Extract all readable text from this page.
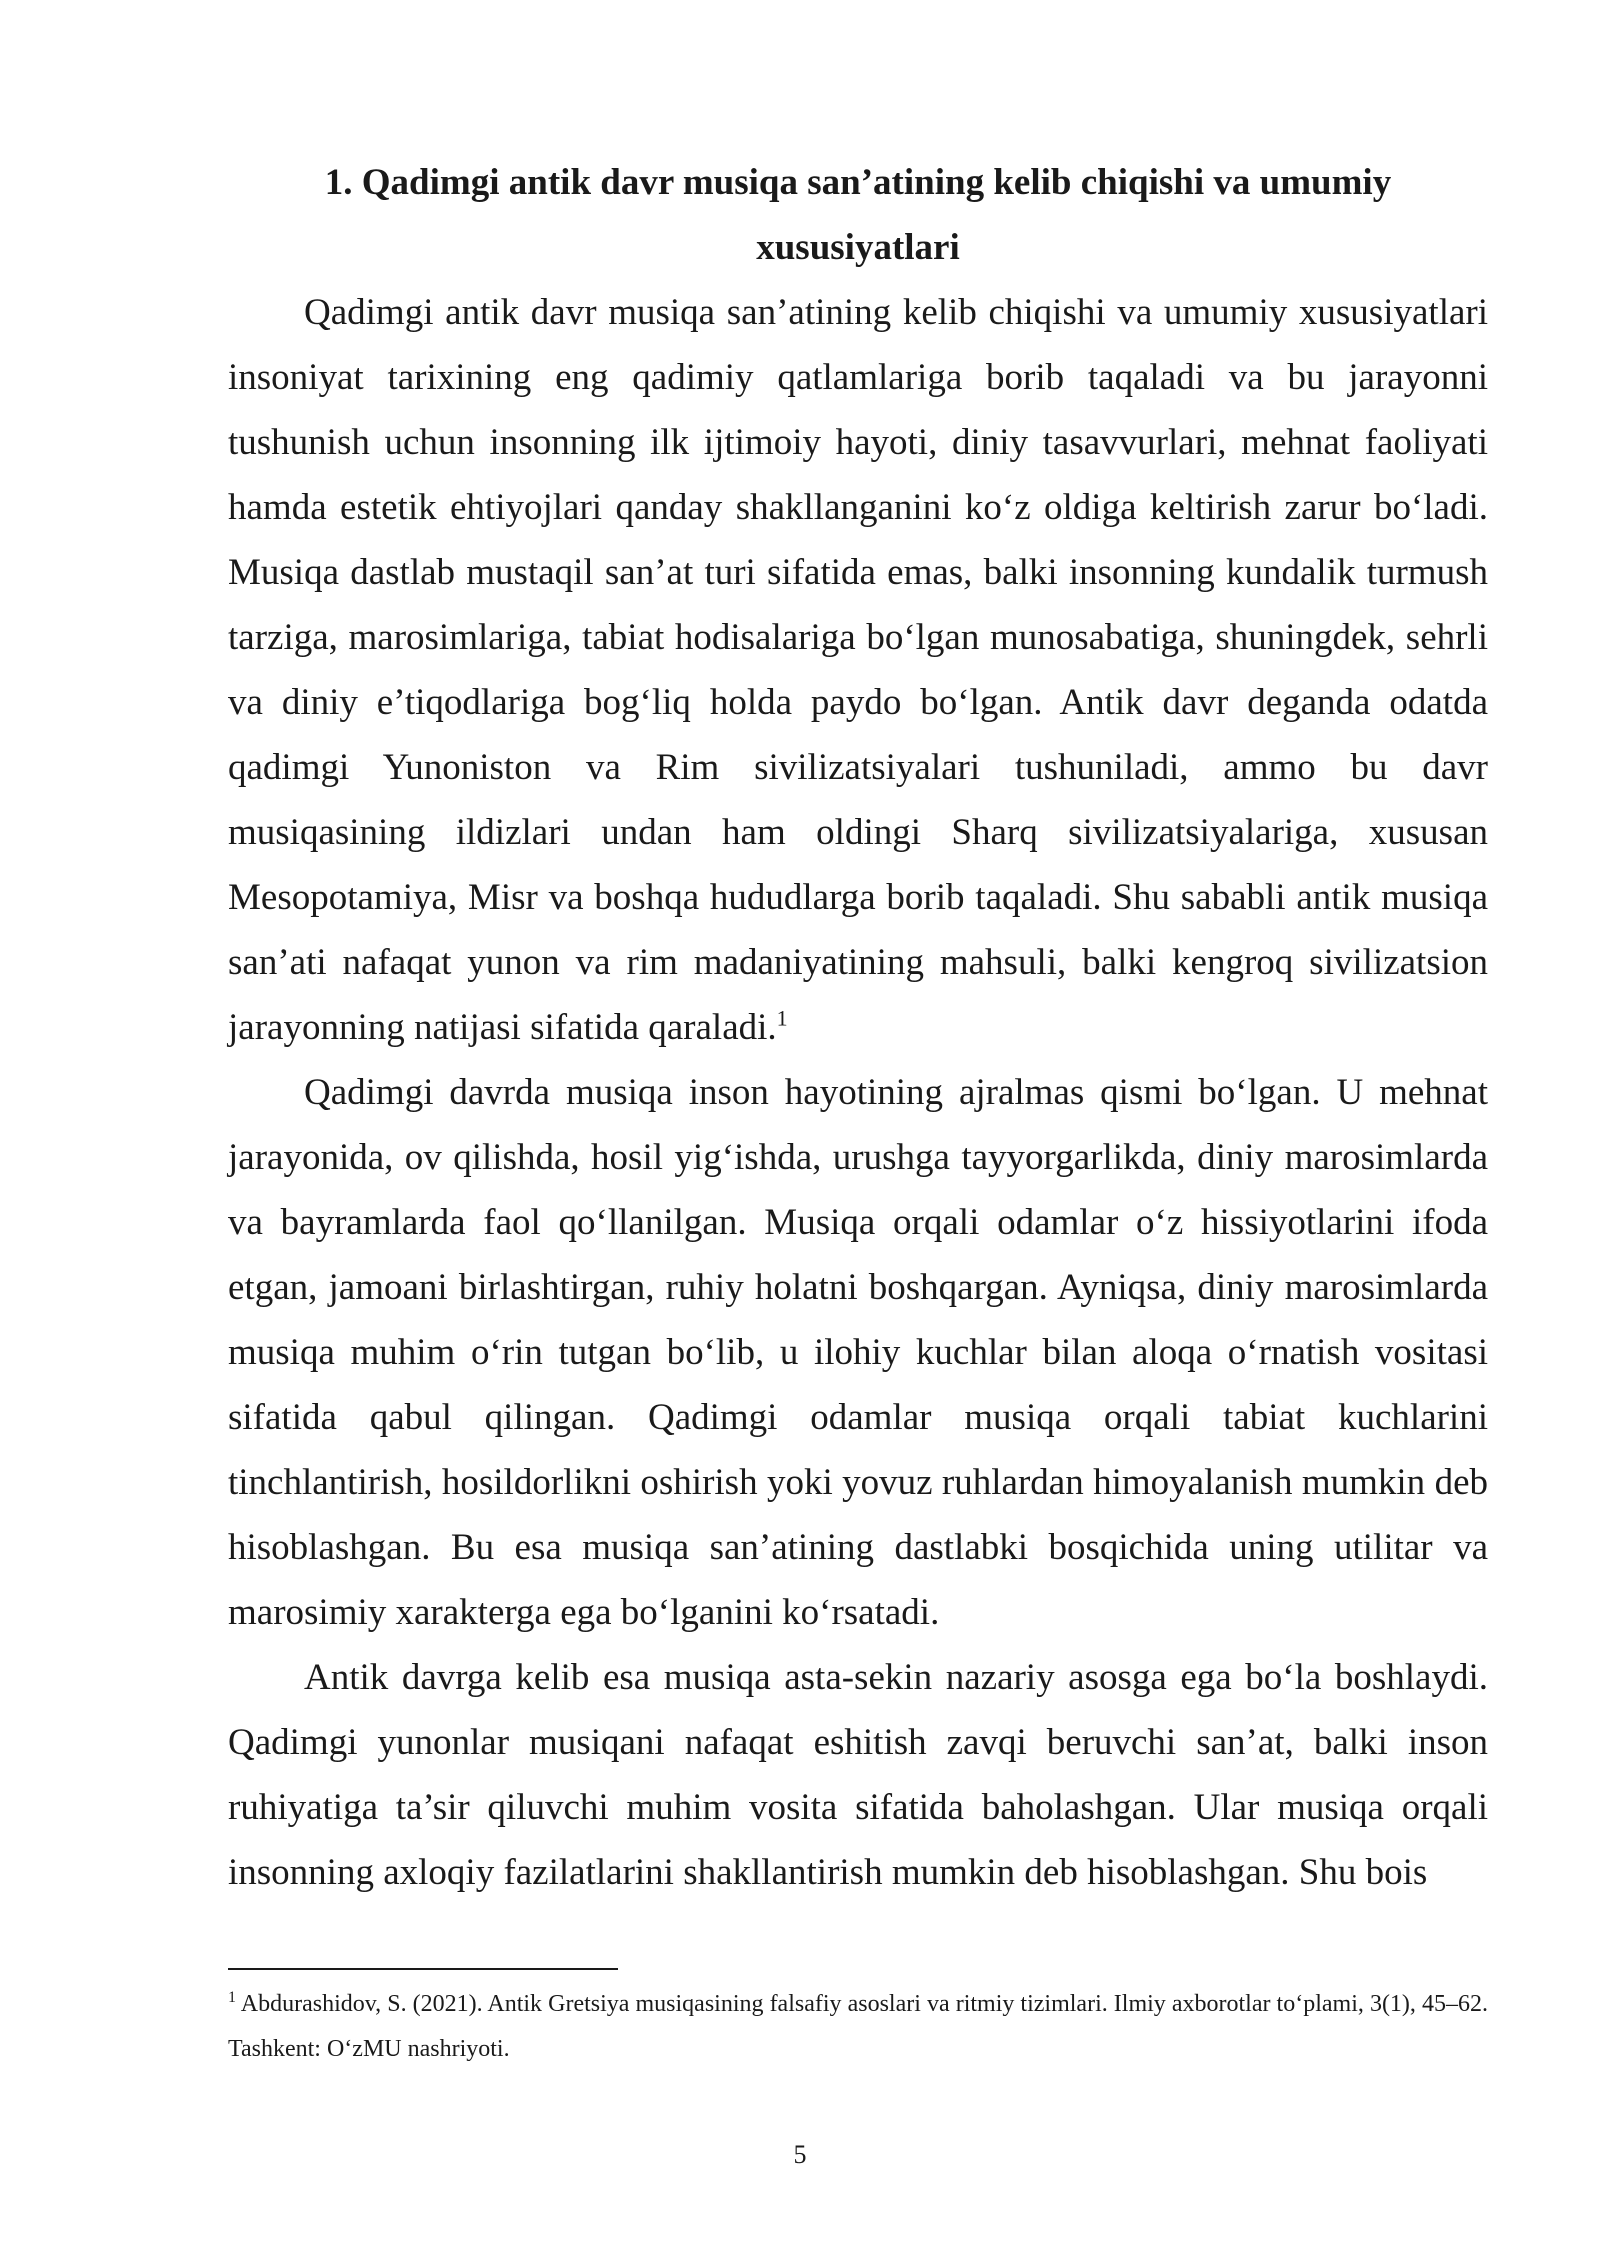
1. Qadimgi antik davr musiqa san’atining kelib chiqishi va umumiy xususiyatlari

Qadimgi antik davr musiqa san’atining kelib chiqishi va umumiy xususiyatlari insoniyat tarixining eng qadimiy qatlamlariga borib taqaladi va bu jarayonni tushunish uchun insonning ilk ijtimoiy hayoti, diniy tasavvurlari, mehnat faoliyati hamda estetik ehtiyojlari qanday shakllanganini ko‘z oldiga keltirish zarur bo‘ladi. Musiqa dastlab mustaqil san’at turi sifatida emas, balki insonning kundalik turmush tarziga, marosimlariga, tabiat hodisalariga bo‘lgan munosabatiga, shuningdek, sehrli va diniy e’tiqodlariga bog‘liq holda paydo bo‘lgan. Antik davr deganda odatda qadimgi Yunoniston va Rim sivilizatsiyalari tushuniladi, ammo bu davr musiqasining ildizlari undan ham oldingi Sharq sivilizatsiyalariga, xususan Mesopotamiya, Misr va boshqa hududlarga borib taqaladi. Shu sababli antik musiqa san’ati nafaqat yunon va rim madaniyatining mahsuli, balki kengroq sivilizatsion jarayonning natijasi sifatida qaraladi.$^1$

Qadimgi davrda musiqa inson hayotining ajralmas qismi bo‘lgan. U mehnat jarayonida, ov qilishda, hosil yig‘ishda, urushga tayyorgarlikda, diniy marosimlarda va bayramlarda faol qo‘llanilgan. Musiqa orqali odamlar o‘z hissiyotlarini ifoda etgan, jamoani birlashtirgan, ruhiy holatni boshqargan. Ayniqsa, diniy marosimlarda musiqa muhim o‘rin tutgan bo‘lib, u ilohiy kuchlar bilan aloqa o‘rnatish vositasi sifatida qabul qilingan. Qadimgi odamlar musiqa orqali tabiat kuchlarini tinchlantirish, hosildorlikni oshirish yoki yovuz ruhlardan himoyalanish mumkin deb hisoblashgan. Bu esa musiqa san’atining dastlabki bosqichida uning utilitar va marosimiy xarakterga ega bo‘lganini ko‘rsatadi.

Antik davrga kelib esa musiqa asta-sekin nazariy asosga ega bo‘la boshlaydi. Qadimgi yunonlar musiqani nafaqat eshitish zavqi beruvchi san’at, balki inson ruhiyatiga ta’sir qiluvchi muhim vosita sifatida baholashgan. Ular musiqa orqali insonning axloqiy fazilatlarini shakllantirish mumkin deb hisoblashgan. Shu bois

$^1$ Abdurashidov, S. (2021). Antik Gretsiya musiqasining falsafiy asoslari va ritmiy tizimlari. Ilmiy axborotlar to‘plami, 3(1), 45–62. Tashkent: O‘zMU nashriyoti.

5
